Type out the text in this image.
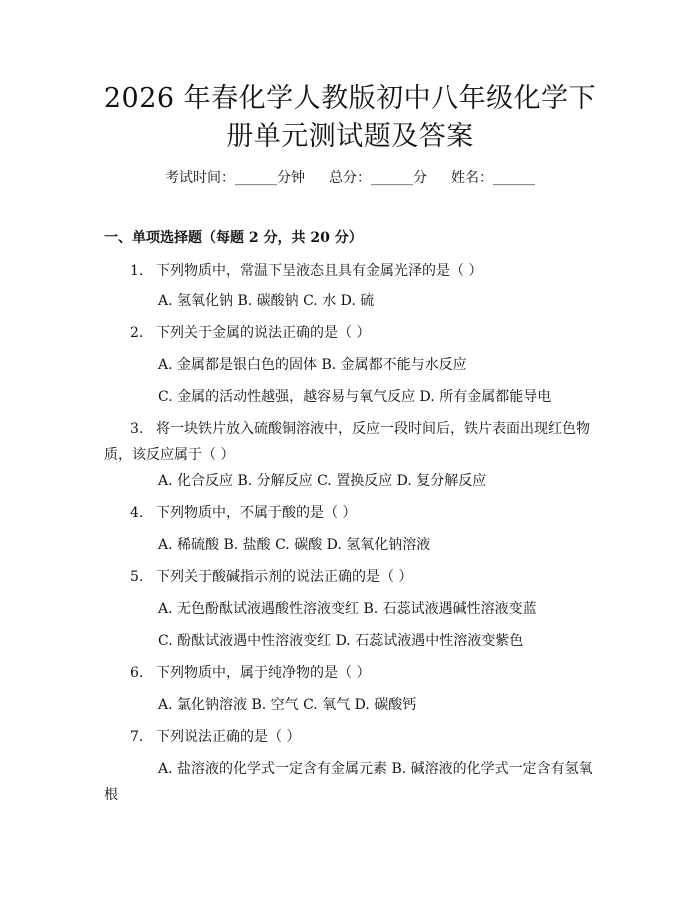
2026 年春化学人教版初中八年级化学下册单元测试题及答案
考试时间：______分钟 总分：______分 姓名：______
一、单项选择题（每题 2 分，共 20 分）
1. 下列物质中，常温下呈液态且具有金属光泽的是（ ）
A. 氢氧化钠 B. 碳酸钠 C. 水 D. 硫
2. 下列关于金属的说法正确的是（ ）
A. 金属都是银白色的固体 B. 金属都不能与水反应
C. 金属的活动性越强，越容易与氧气反应 D. 所有金属都能导电
3. 将一块铁片放入硫酸铜溶液中，反应一段时间后，铁片表面出现红色物质，该反应属于（ ）
A. 化合反应 B. 分解反应 C. 置换反应 D. 复分解反应
4. 下列物质中，不属于酸的是（ ）
A. 稀硫酸 B. 盐酸 C. 碳酸 D. 氢氧化钠溶液
5. 下列关于酸碱指示剂的说法正确的是（ ）
A. 无色酚酞试液遇酸性溶液变红 B. 石蕊试液遇碱性溶液变蓝
C. 酚酞试液遇中性溶液变红 D. 石蕊试液遇中性溶液变紫色
6. 下列物质中，属于纯净物的是（ ）
A. 氯化钠溶液 B. 空气 C. 氧气 D. 碳酸钙
7. 下列说法正确的是（ ）
A. 盐溶液的化学式一定含有金属元素 B. 碱溶液的化学式一定含有氢氧根
